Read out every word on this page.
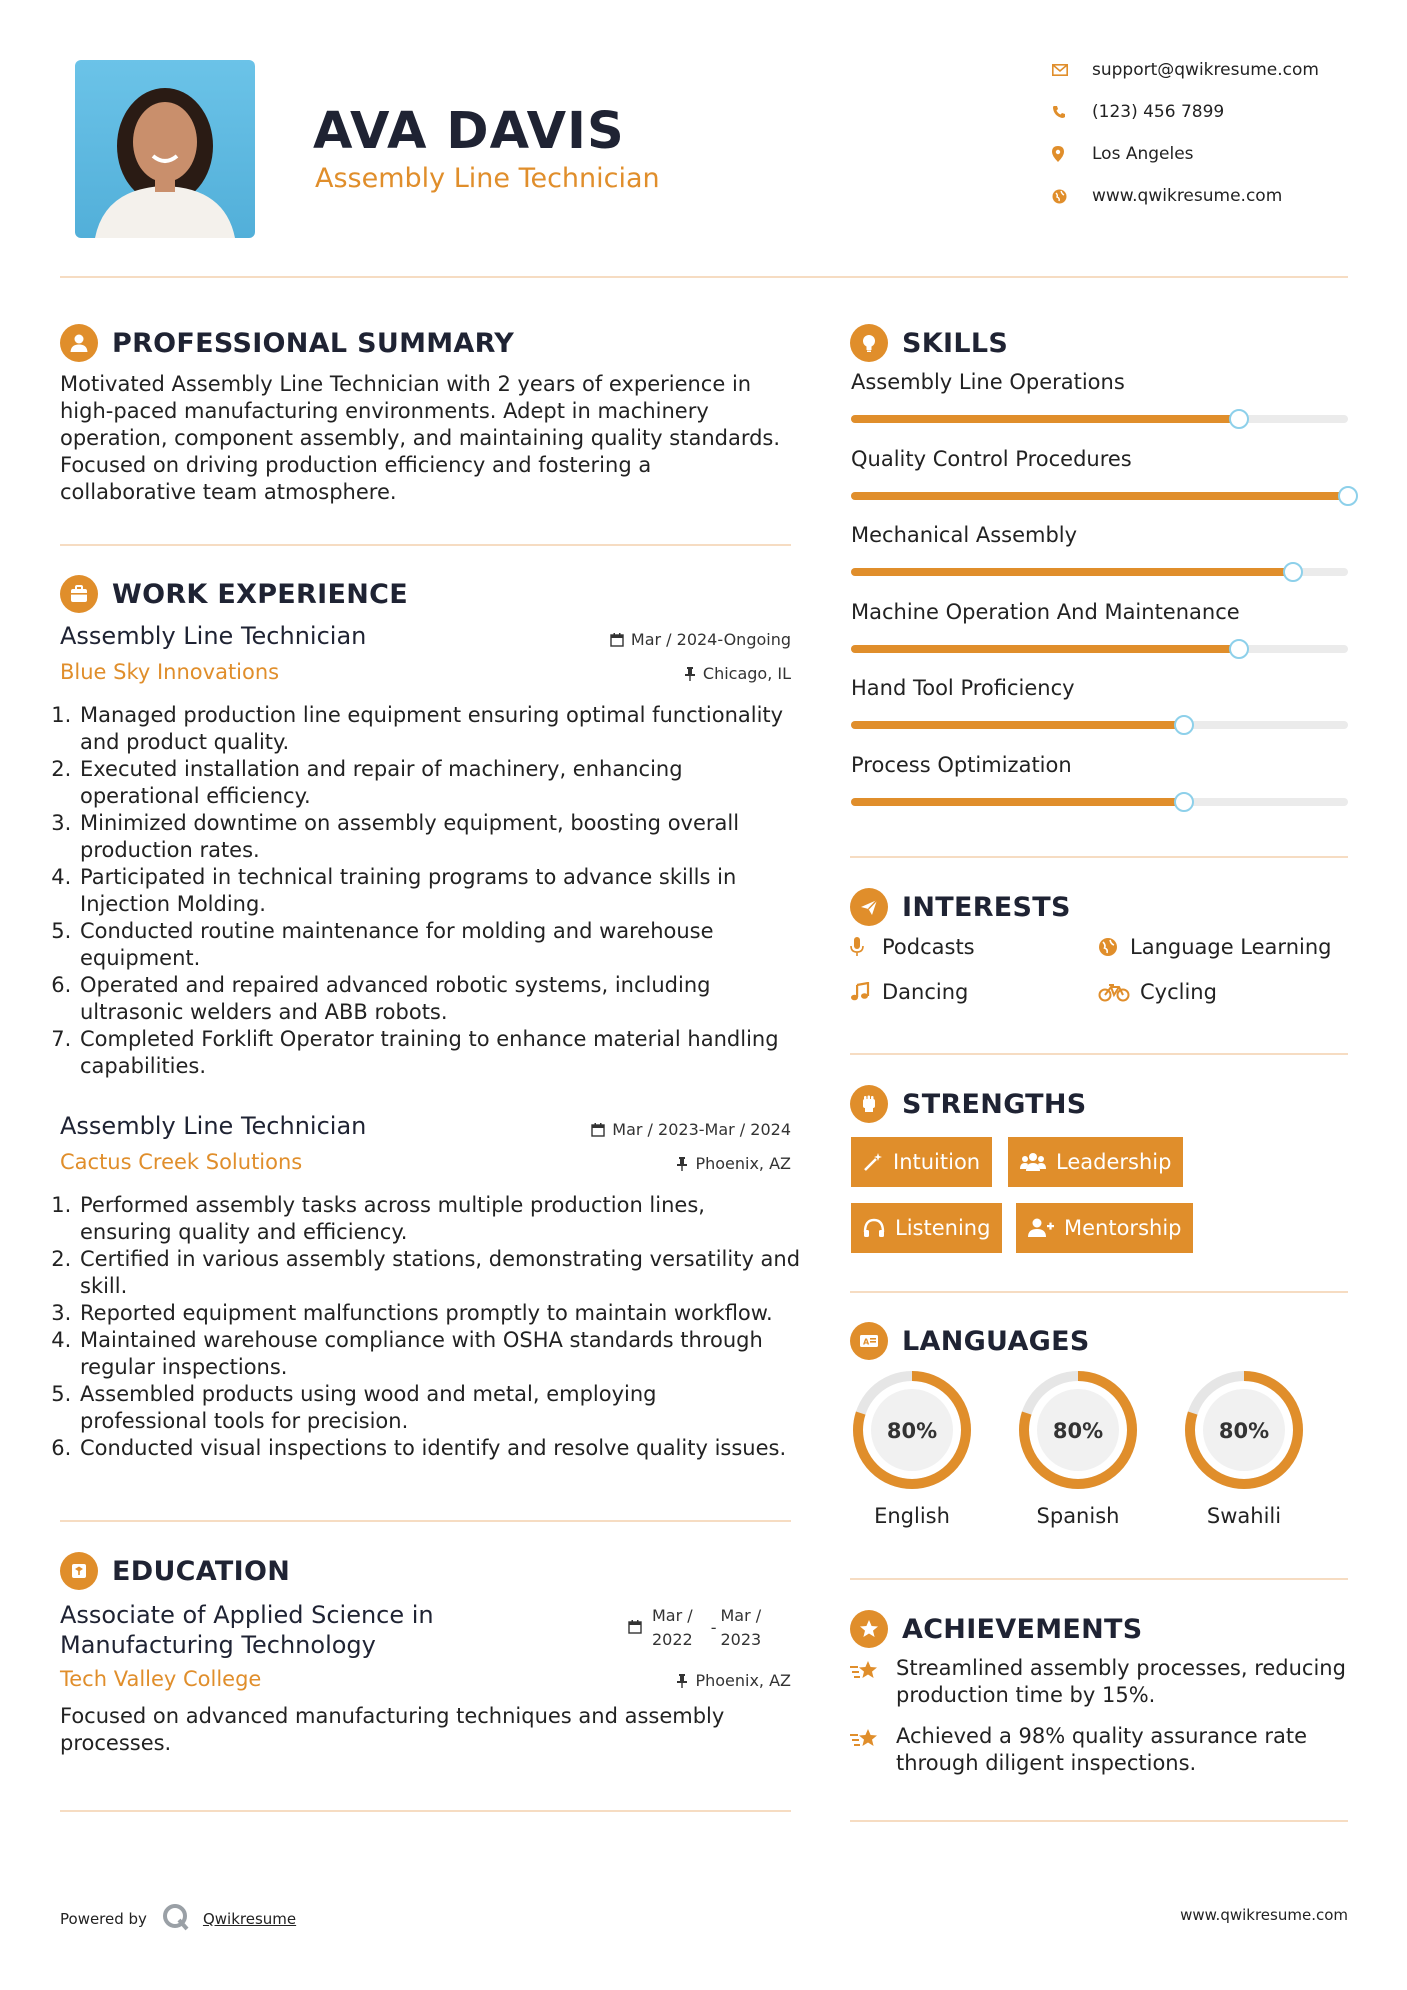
AVA DAVIS
Assembly Line Technician
support@qwikresume.com
(123) 456 7899
Los Angeles
www.qwikresume.com
PROFESSIONAL SUMMARY
Motivated Assembly Line Technician with 2 years of experience in
high-paced manufacturing environments. Adept in machinery
operation, component assembly, and maintaining quality standards.
Focused on driving production efficiency and fostering a
collaborative team atmosphere.
WORK EXPERIENCE
Assembly Line Technician	Mar / 2024-Ongoing
Blue Sky Innovations	Chicago, IL
1. Managed production line equipment ensuring optimal functionality
and product quality.
2. Executed installation and repair of machinery, enhancing
operational efficiency.
3. Minimized downtime on assembly equipment, boosting overall
production rates.
4. Participated in technical training programs to advance skills in
Injection Molding.
5. Conducted routine maintenance for molding and warehouse
equipment.
6. Operated and repaired advanced robotic systems, including
ultrasonic welders and ABB robots.
7. Completed Forklift Operator training to enhance material handling
capabilities.
Assembly Line Technician	Mar / 2023-Mar / 2024
Cactus Creek Solutions	Phoenix, AZ
1. Performed assembly tasks across multiple production lines,
ensuring quality and efficiency.
2. Certified in various assembly stations, demonstrating versatility and
skill.
3. Reported equipment malfunctions promptly to maintain workflow.
4. Maintained warehouse compliance with OSHA standards through
regular inspections.
5. Assembled products using wood and metal, employing
professional tools for precision.
6. Conducted visual inspections to identify and resolve quality issues.
EDUCATION
Associate of Applied Science in
Manufacturing Technology
Mar /
2022
-
Mar /
2023
Tech Valley College	Phoenix, AZ
Focused on advanced manufacturing techniques and assembly
processes.
SKILLS
Assembly Line Operations
Quality Control Procedures
Mechanical Assembly
Machine Operation And Maintenance
Hand Tool Proficiency
Process Optimization
INTERESTS
Podcasts	Language Learning
Dancing	Cycling
STRENGTHS
Intuition	Leadership
Listening	Mentorship
A LANGUAGES
80%
English
80%
Spanish
80%
Swahili
ACHIEVEMENTS
Streamlined assembly processes, reducing
production time by 15%.
Achieved a 98% quality assurance rate
through diligent inspections.
Powered by	Qwikresume	www.qwikresume.com
